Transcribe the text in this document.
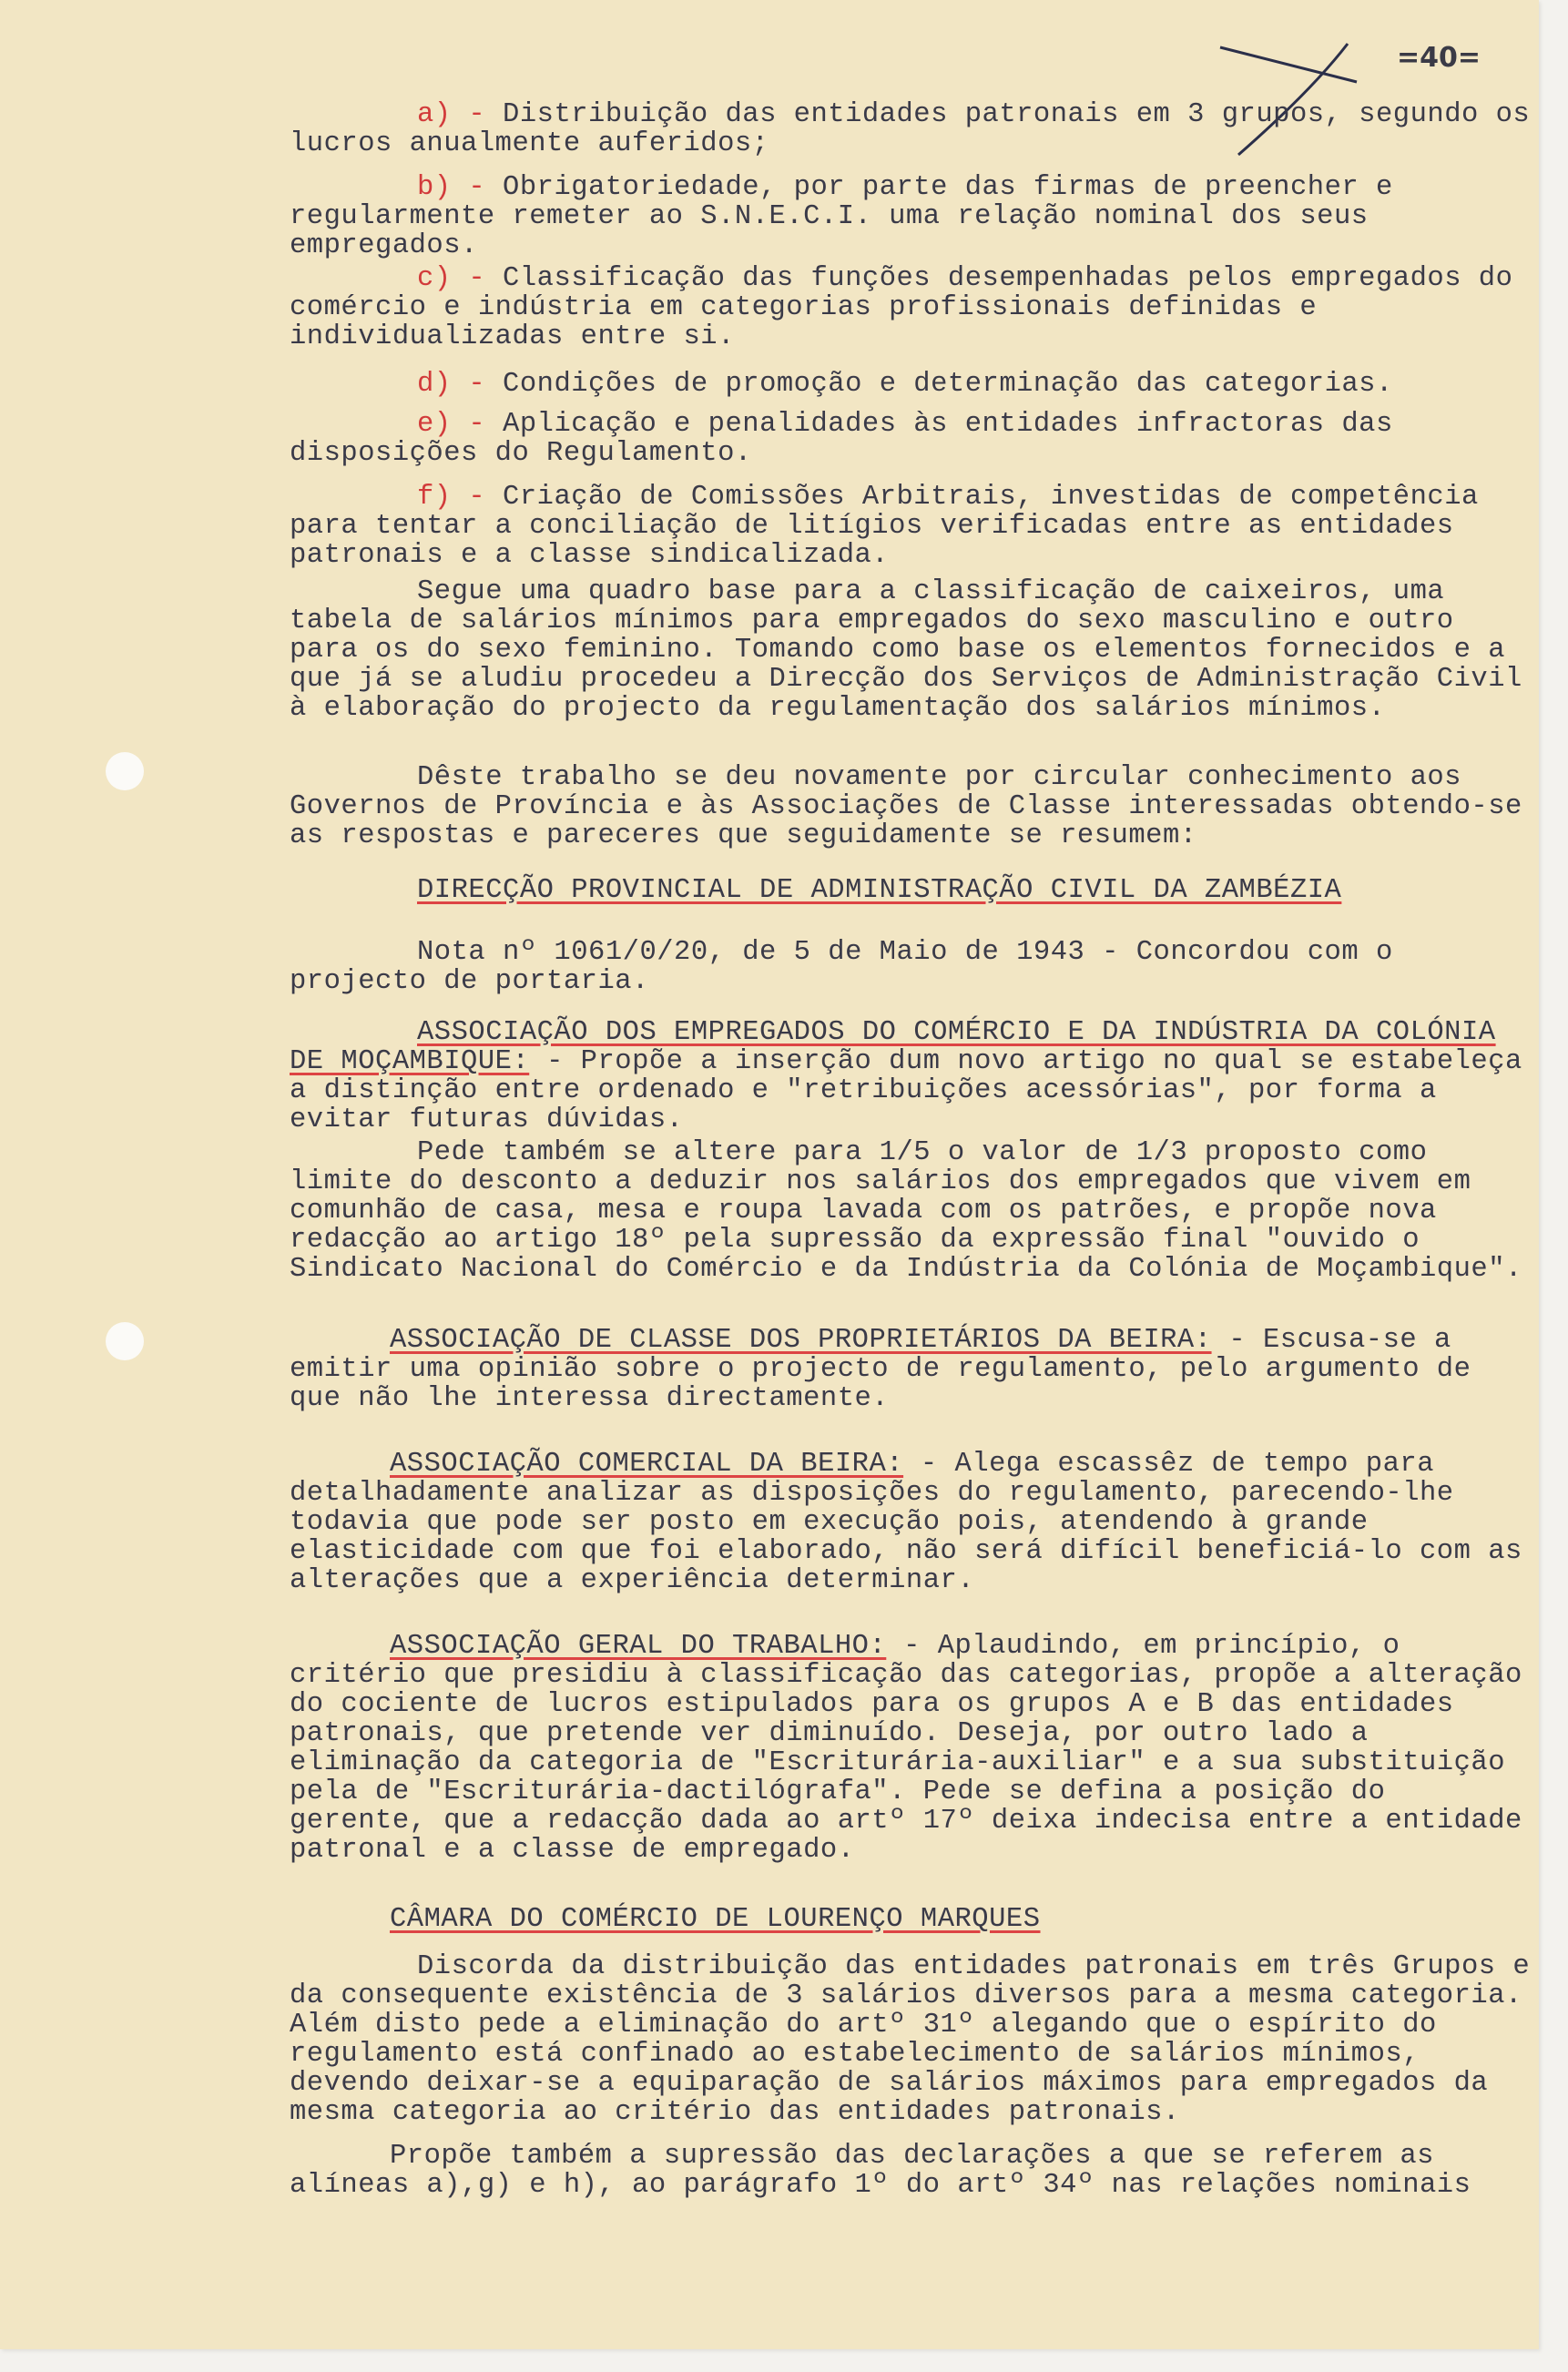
=40=

a) - Distribuição das entidades patronais em 3 grupos, segundo os lucros anualmente auferidos;

b) - Obrigatoriedade, por parte das firmas de preencher e regularmente remeter ao S.N.E.C.I. uma relação nominal dos seus empregados.

c) - Classificação das funções desempenhadas pelos empregados do comércio e indústria em categorias profissionais definidas e individualizadas entre si.

d) - Condições de promoção e determinação das categorias.

e) - Aplicação e penalidades às entidades infractoras das disposições do Regulamento.

f) - Criação de Comissões Arbitrais, investidas de competência para tentar a conciliação de litígios verificadas entre as entidades patronais e a classe sindicalizada.

Segue uma quadro base para a classificação de caixeiros, uma tabela de salários mínimos para empregados do sexo masculino e outro para os do sexo feminino. Tomando como base os elementos fornecidos e a que já se aludiu procedeu a Direcção dos Serviços de Administração Civil à elaboração do projecto da regulamentação dos salários mínimos.

Dêste trabalho se deu novamente por circular conhecimento aos Governos de Província e às Associações de Classe interessadas obtendo-se as respostas e pareceres que seguidamente se resumem:

DIRECÇÃO PROVINCIAL DE ADMINISTRAÇÃO CIVIL DA ZAMBÉZIA

Nota nº 1061/0/20, de 5 de Maio de 1943 - Concordou com o projecto de portaria.

ASSOCIAÇÃO DOS EMPREGADOS DO COMÉRCIO E DA INDÚSTRIA DA COLÓNIA DE MOÇAMBIQUE: - Propõe a inserção dum novo artigo no qual se estabeleça a distinção entre ordenado e "retribuições acessórias", por forma a evitar futuras dúvidas.

Pede também se altere para 1/5 o valor de 1/3 proposto como limite do desconto a deduzir nos salários dos empregados que vivem em comunhão de casa, mesa e roupa lavada com os patrões, e propõe nova redacção ao artigo 18º pela supressão da expressão final "ouvido o Sindicato Nacional do Comércio e da Indústria da Colónia de Moçambique".

ASSOCIAÇÃO DE CLASSE DOS PROPRIETÁRIOS DA BEIRA: - Escusa-se a emitir uma opinião sobre o projecto de regulamento, pelo argumento de que não lhe interessa directamente.

ASSOCIAÇÃO COMERCIAL DA BEIRA: - Alega escassêz de tempo para detalhadamente analizar as disposições do regulamento, parecendo-lhe todavia que pode ser posto em execução pois, atendendo à grande elasticidade com que foi elaborado, não será difícil beneficiá-lo com as alterações que a experiência determinar.

ASSOCIAÇÃO GERAL DO TRABALHO: - Aplaudindo, em princípio, o critério que presidiu à classificação das categorias, propõe a alteração do cociente de lucros estipulados para os grupos A e B das entidades patronais, que pretende ver diminuído. Deseja, por outro lado a eliminação da categoria de "Escriturária-auxiliar" e a sua substituição pela de "Escriturária-dactilógrafa". Pede se defina a posição do gerente, que a redacção dada ao artº 17º deixa indecisa entre a entidade patronal e a classe de empregado.

CÂMARA DO COMÉRCIO DE LOURENÇO MARQUES

Discorda da distribuição das entidades patronais em três Grupos e da consequente existência de 3 salários diversos para a mesma categoria. Além disto pede a eliminação do artº 31º alegando que o espírito do regulamento está confinado ao estabelecimento de salários mínimos, devendo deixar-se a equiparação de salários máximos para empregados da mesma categoria ao critério das entidades patronais.

Propõe também a supressão das declarações a que se referem as alíneas a),g) e h), ao parágrafo 1º do artº 34º nas relações nominais
